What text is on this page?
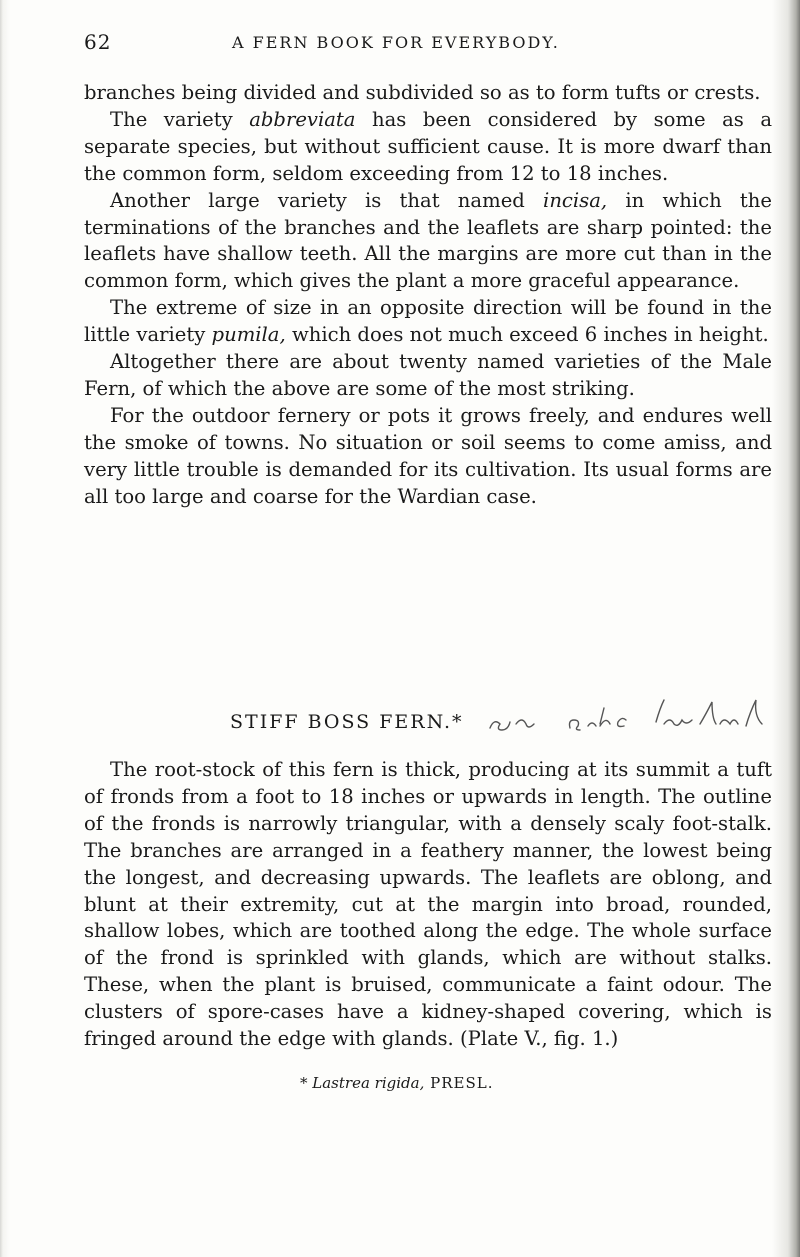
62	A FERN BOOK FOR EVERYBODY.

branches being divided and subdivided so as to form tufts or crests.

The variety abbreviata has been considered by some as a separate species, but without sufficient cause. It is more dwarf than the common form, seldom exceeding from 12 to 18 inches.

Another large variety is that named incisa, in which the terminations of the branches and the leaflets are sharp pointed: the leaflets have shallow teeth. All the margins are more cut than in the common form, which gives the plant a more graceful appearance.

The extreme of size in an opposite direction will be found in the little variety pumila, which does not much exceed 6 inches in height.

Altogether there are about twenty named varieties of the Male Fern, of which the above are some of the most striking.

For the outdoor fernery or pots it grows freely, and endures well the smoke of towns. No situation or soil seems to come amiss, and very little trouble is demanded for its cultivation. Its usual forms are all too large and coarse for the Wardian case.

STIFF BOSS FERN.*

The root-stock of this fern is thick, producing at its summit a tuft of fronds from a foot to 18 inches or upwards in length. The outline of the fronds is narrowly triangular, with a densely scaly foot-stalk. The branches are arranged in a feathery manner, the lowest being the longest, and decreasing upwards. The leaflets are oblong, and blunt at their extremity, cut at the margin into broad, rounded, shallow lobes, which are toothed along the edge. The whole surface of the frond is sprinkled with glands, which are without stalks. These, when the plant is bruised, communicate a faint odour. The clusters of spore-cases have a kidney-shaped covering, which is fringed around the edge with glands. (Plate V., fig. 1.)

* Lastrea rigida, PRESL.
